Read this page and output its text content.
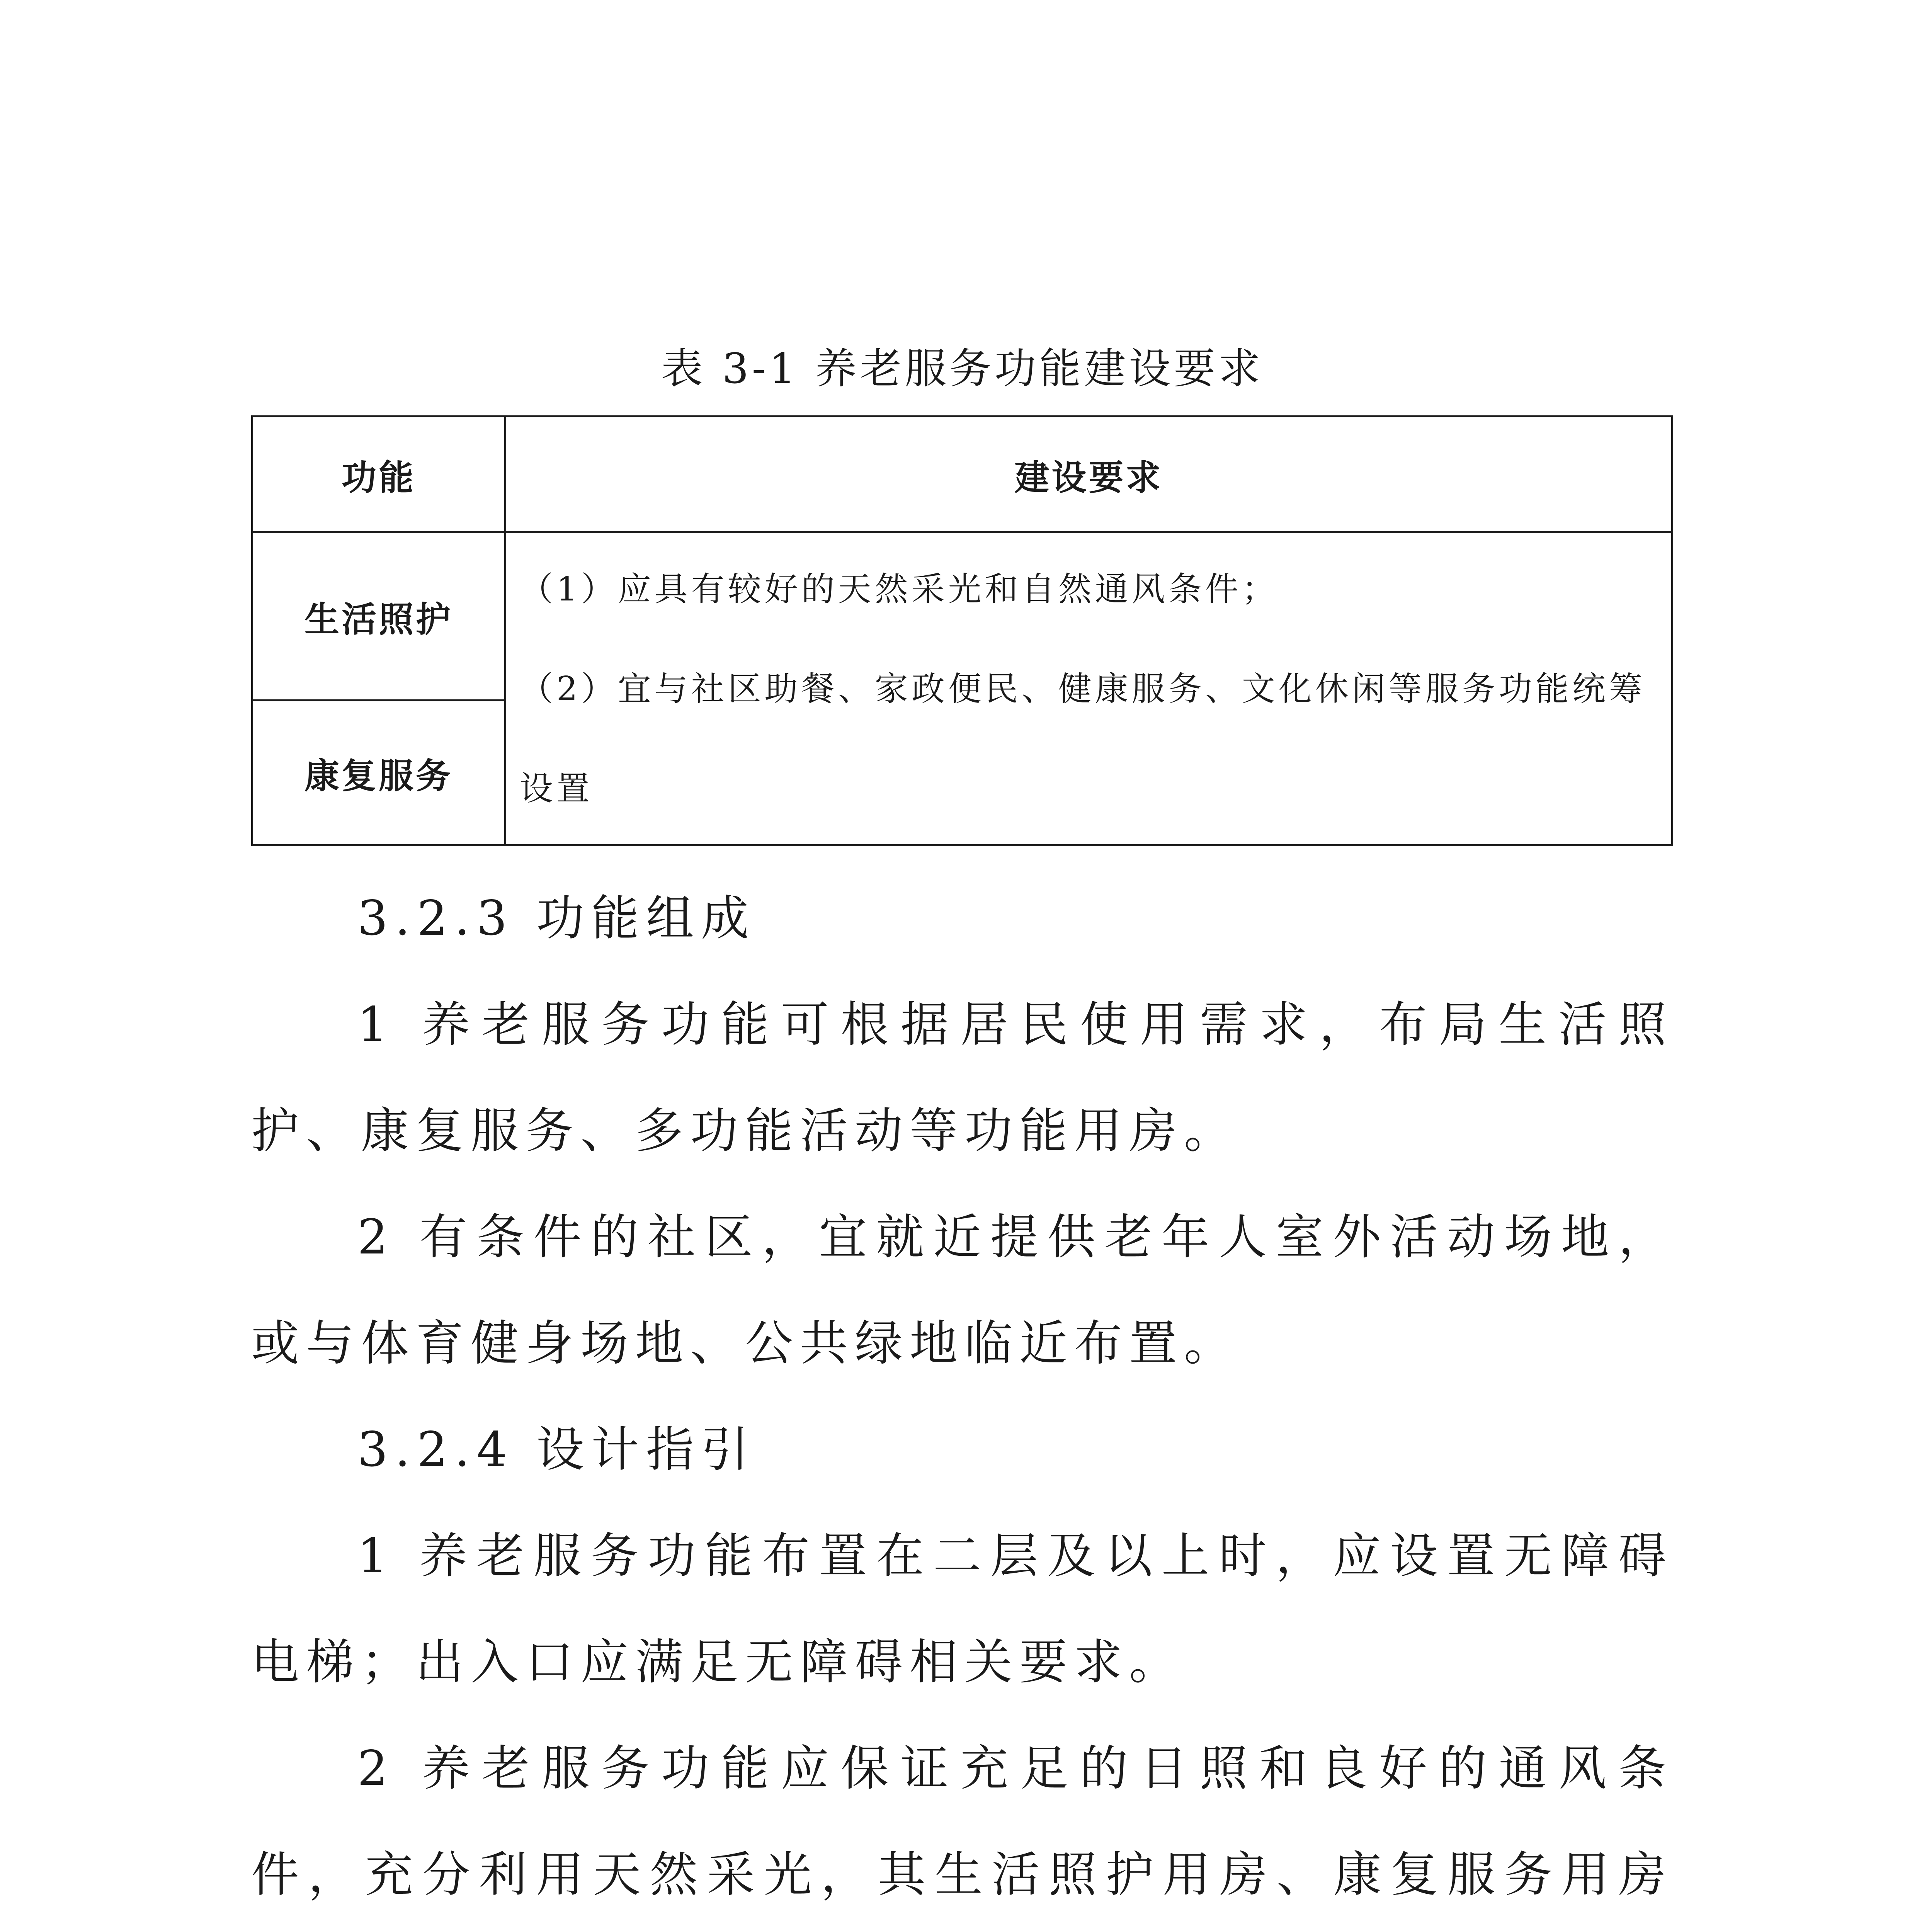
表 3-1 养老服务功能建设要求
功能	建设要求
生活照护	（1）应具有较好的天然采光和自然通风条件；

（2）宜与社区助餐、家政便民、健康服务、文化休闲等服务功能统筹设置

康复服务	

3.2.3 功能组成

1 养老服务功能可根据居民使用需求，布局生活照护、康复服务、多功能活动等功能用房。

2 有条件的社区，宜就近提供老年人室外活动场地，或与体育健身场地、公共绿地临近布置。

3.2.4 设计指引

1 养老服务功能布置在二层及以上时，应设置无障碍电梯；出入口应满足无障碍相关要求。

2 养老服务功能应保证充足的日照和良好的通风条件，充分利用天然采光，其生活照护用房、康复服务用房
